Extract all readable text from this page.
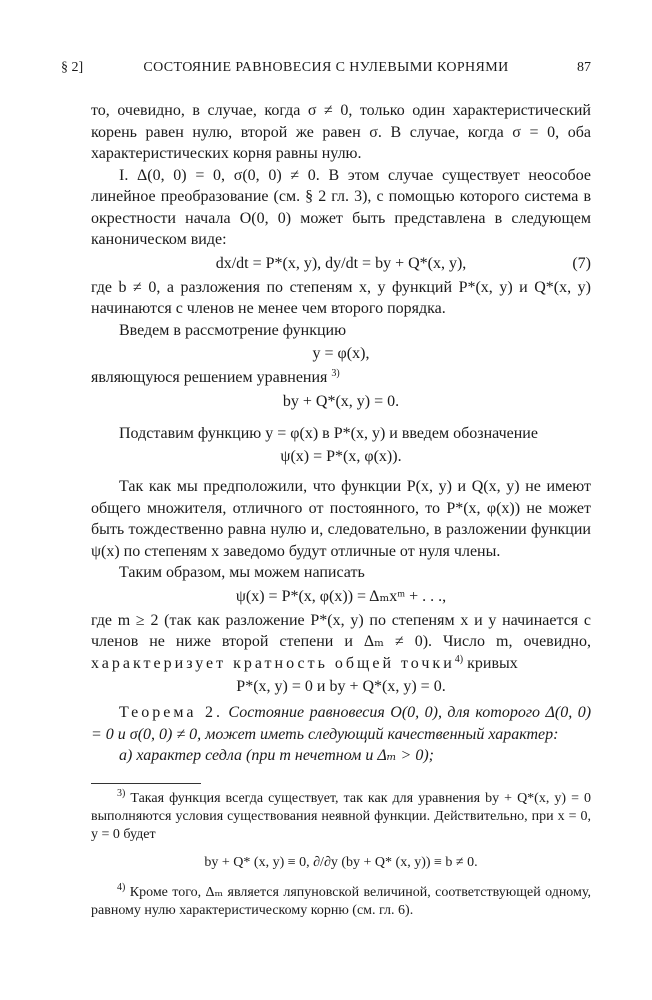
§ 2]	СОСТОЯНИЕ РАВНОВЕСИЯ С НУЛЕВЫМИ КОРНЯМИ	87

то, очевидно, в случае, когда σ ≠ 0, только один характеристический корень равен нулю, второй же равен σ. В случае, когда σ = 0, оба характеристических корня равны нулю.

I. Δ(0, 0) = 0, σ(0, 0) ≠ 0. В этом случае существует неособое линейное преобразование (см. § 2 гл. 3), с помощью которого система в окрестности начала O(0, 0) может быть представлена в следующем каноническом виде:

dx/dt = P*(x, y), dy/dt = by + Q*(x, y),	(7)

где b ≠ 0, а разложения по степеням x, y функций P*(x, y) и Q*(x, y) начинаются с членов не менее чем второго порядка.

Введем в рассмотрение функцию

y = φ(x),

являющуюся решением уравнения $^{3)}$

by + Q*(x, y) = 0.

Подставим функцию y = φ(x) в P*(x, y) и введем обозначение

ψ(x) = P*(x, φ(x)).

Так как мы предположили, что функции P(x, y) и Q(x, y) не имеют общего множителя, отличного от постоянного, то P*(x, φ(x)) не может быть тождественно равна нулю и, следовательно, в разложении функции ψ(x) по степеням x заведомо будут отличные от нуля члены.

Таким образом, мы можем написать

ψ(x) = P*(x, φ(x)) = Δₘxᵐ + . . .,

где m ≥ 2 (так как разложение P*(x, y) по степеням x и y начинается с членов не ниже второй степени и Δₘ ≠ 0). Число m, очевидно, характеризует кратность общей точки$^{4)}$ кривых

P*(x, y) = 0 и by + Q*(x, y) = 0.

Теорема 2. Состояние равновесия O(0, 0), для которого Δ(0, 0) = 0 и σ(0, 0) ≠ 0, может иметь следующий качественный характер:

а) характер седла (при m нечетном и Δₘ > 0);

$^{3)}$ Такая функция всегда существует, так как для уравнения by + Q*(x, y) = 0 выполняются условия существования неявной функции. Действительно, при x = 0, y = 0 будет

by + Q* (x, y) ≡ 0, ∂/∂y (by + Q* (x, y)) ≡ b ≠ 0.

$^{4)}$ Кроме того, Δₘ является ляпуновской величиной, соответствующей одному, равному нулю характеристическому корню (см. гл. 6).
